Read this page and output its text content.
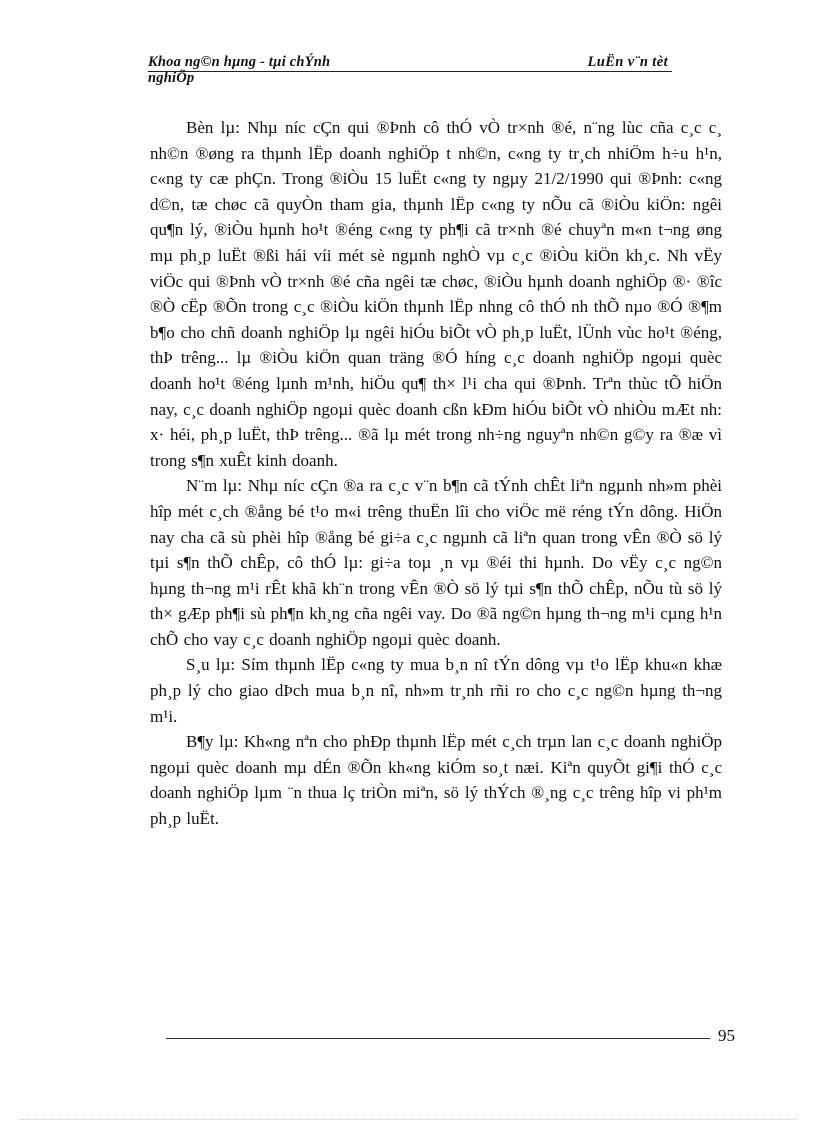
Khoa ng©n hµng - tµi chÝnh
nghiÖp
LuËn v¨n tèt

Bèn lµ: Nhµ níc cÇn qui ®Þnh cô thÓ vÒ tr×nh ®é, n¨ng lùc cña c¸c c¸ nh©n ®øng ra thµnh lËp doanh nghiÖp t nh©n, c«ng ty tr¸ch nhiÖm h÷u h¹n, c«ng ty cæ phÇn. Trong ®iÒu 15 luËt c«ng ty ngµy 21/2/1990 qui ®Þnh: c«ng d©n, tæ chøc cã quyÒn tham gia, thµnh lËp c«ng ty nÕu cã ®iÒu kiÖn: ngêi qu¶n lý, ®iÒu hµnh ho¹t ®éng c«ng ty ph¶i cã tr×nh ®é chuyªn m«n t¬ng øng mµ ph¸p luËt ®ßi hái víi mét sè ngµnh nghÒ vµ c¸c ®iÒu kiÖn kh¸c. Nh vËy viÖc qui ®Þnh vÒ tr×nh ®é cña ngêi tæ chøc, ®iÒu hµnh doanh nghiÖp ®· ®îc ®Ò cËp ®Õn trong c¸c ®iÒu kiÖn thµnh lËp nhng cô thÓ nh thÕ nµo ®Ó ®¶m b¶o cho chñ doanh nghiÖp lµ ngêi hiÓu biÕt vÒ ph¸p luËt, lÜnh vùc ho¹t ®éng, thÞ trêng... lµ ®iÒu kiÖn quan träng ®Ó híng c¸c doanh nghiÖp ngoµi quèc doanh ho¹t ®éng lµnh m¹nh, hiÖu qu¶ th× l¹i cha qui ®Þnh. Trªn thùc tÕ hiÖn nay, c¸c doanh nghiÖp ngoµi quèc doanh cßn kÐm hiÓu biÕt vÒ nhiÒu mÆt nh: x· héi, ph¸p luËt, thÞ trêng... ®ã lµ mét trong nh÷ng nguyªn nh©n g©y ra ®æ vì trong s¶n xuÊt kinh doanh.

N¨m lµ: Nhµ níc cÇn ®a ra c¸c v¨n b¶n cã tÝnh chÊt liªn ngµnh nh»m phèi hîp mét c¸ch ®ång bé t¹o m«i trêng thuËn lîi cho viÖc më réng tÝn dông. HiÖn nay cha cã sù phèi hîp ®ång bé gi÷a c¸c ngµnh cã liªn quan trong vÊn ®Ò sö lý tµi s¶n thÕ chÊp, cô thÓ lµ: gi÷a toµ ¸n vµ ®éi thi hµnh. Do vËy c¸c ng©n hµng th¬ng m¹i rÊt khã kh¨n trong vÊn ®Ò sö lý tµi s¶n thÕ chÊp, nÕu tù sö lý th× gÆp ph¶i sù ph¶n kh¸ng cña ngêi vay. Do ®ã ng©n hµng th¬ng m¹i cµng h¹n chÕ cho vay c¸c doanh nghiÖp ngoµi quèc doanh.

S¸u lµ: Sím thµnh lËp c«ng ty mua b¸n nî tÝn dông vµ t¹o lËp khu«n khæ ph¸p lý cho giao dÞch mua b¸n nî, nh»m tr¸nh rñi ro cho c¸c ng©n hµng th¬ng m¹i.

B¶y lµ: Kh«ng nªn cho phÐp thµnh lËp mét c¸ch trµn lan c¸c doanh nghiÖp ngoµi quèc doanh mµ dÉn ®Õn kh«ng kiÓm so¸t næi. Kiªn quyÕt gi¶i thÓ c¸c doanh nghiÖp lµm ¨n thua lç triÒn miªn, sö lý thÝch ®¸ng c¸c trêng hîp vi ph¹m ph¸p luËt.

95
